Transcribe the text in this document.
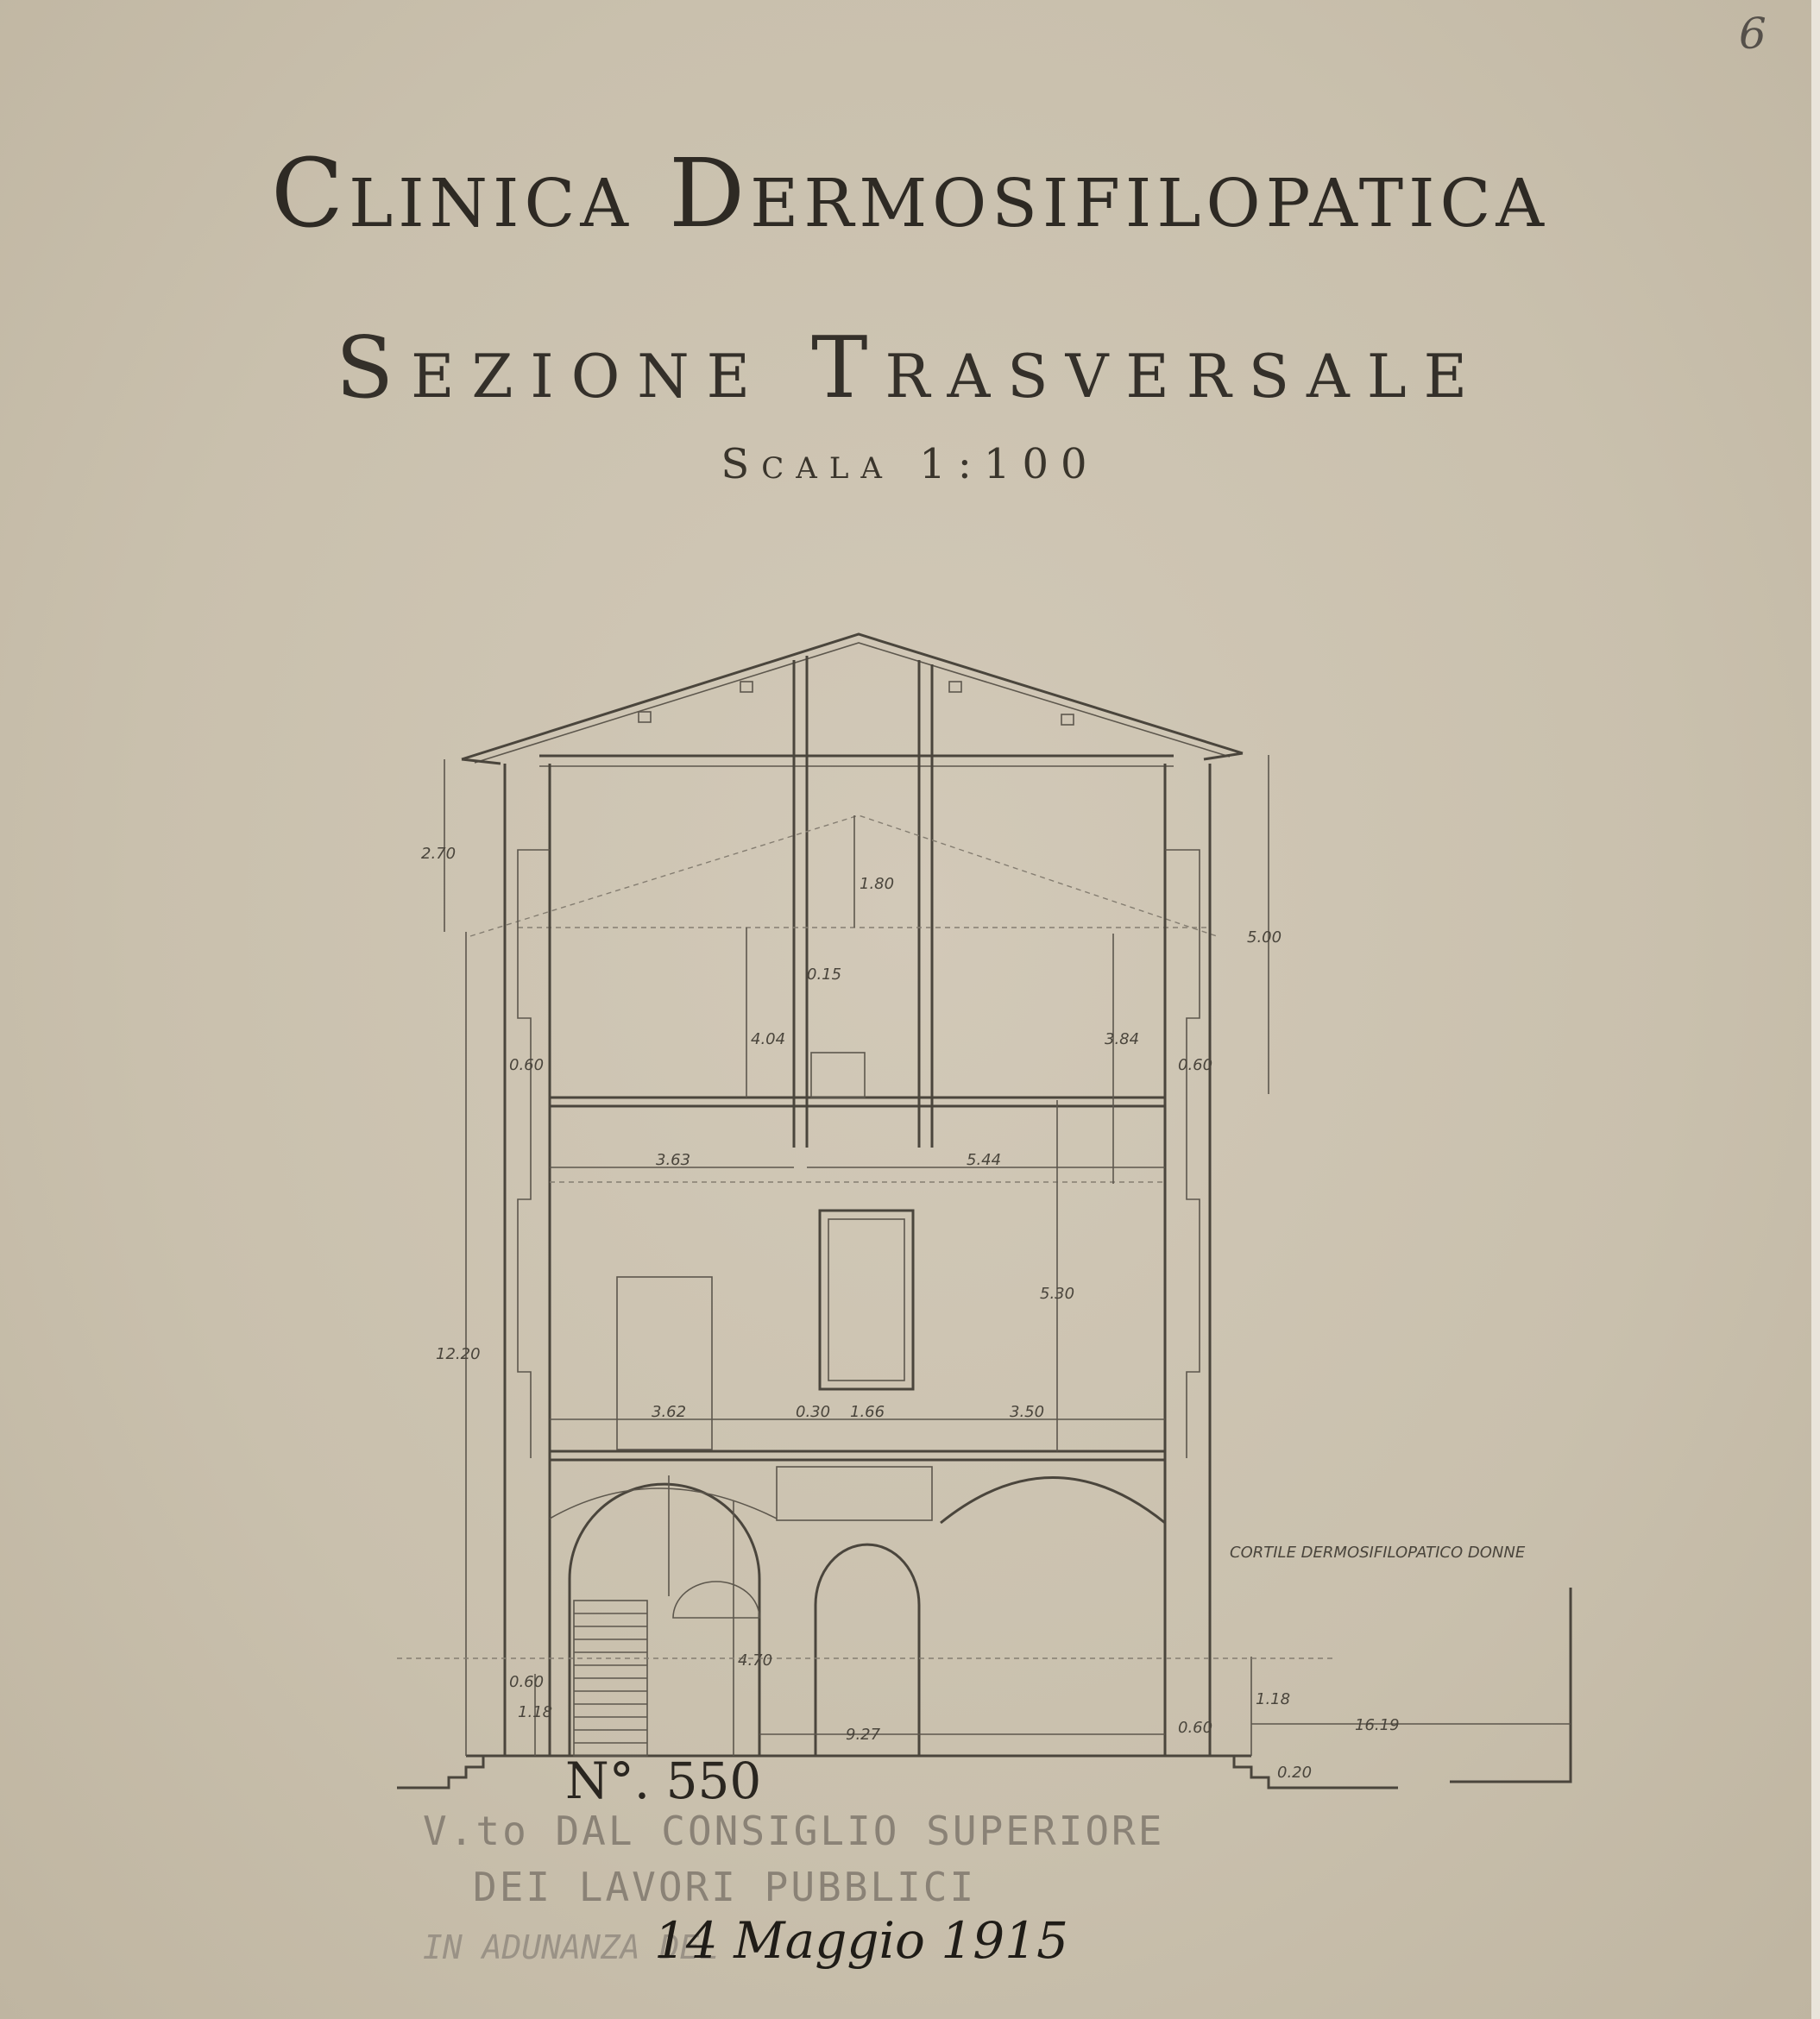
6
Clinica Dermosifilopatica
Sezione Trasversale
Scala 1:100
2.70
5.00
1.80
4.04
0.15
3.84
0.60	0.60
3.63	5.44
12.20
5.30
3.62	0.30 1.66	3.50
4.70
0.60
1.18
9.27	0.60
1.18
16.19
0.20
CORTILE DERMOSIFILOPATICO DONNE
N°. 550
V.to DAL CONSIGLIO SUPERIORE
DEI LAVORI PUBBLICI
IN ADUNANZA DEL
14 Maggio 1915
